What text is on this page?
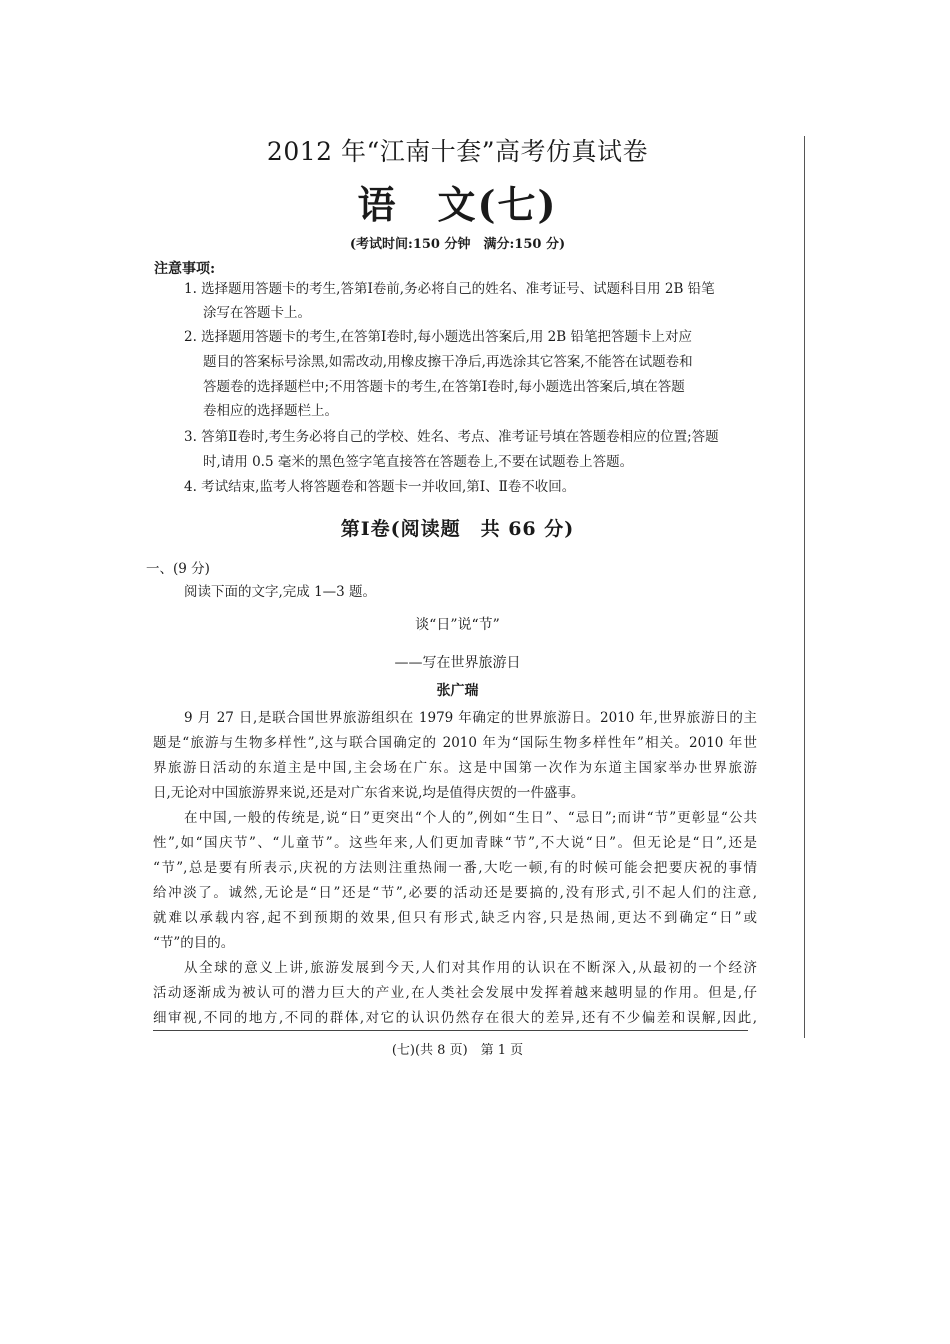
2012 年“江南十套”高考仿真试卷
语　文(七)
(考试时间:150 分钟　满分:150 分)
注意事项:
1. 选择题用答题卡的考生,答第Ⅰ卷前,务必将自己的姓名、准考证号、试题科目用 2B 铅笔
涂写在答题卡上。
2. 选择题用答题卡的考生,在答第Ⅰ卷时,每小题选出答案后,用 2B 铅笔把答题卡上对应
题目的答案标号涂黑,如需改动,用橡皮擦干净后,再选涂其它答案,不能答在试题卷和
答题卷的选择题栏中;不用答题卡的考生,在答第Ⅰ卷时,每小题选出答案后,填在答题
卷相应的选择题栏上。
3. 答第Ⅱ卷时,考生务必将自己的学校、姓名、考点、准考证号填在答题卷相应的位置;答题
时,请用 0.5 毫米的黑色签字笔直接答在答题卷上,不要在试题卷上答题。
4. 考试结束,监考人将答题卷和答题卡一并收回,第Ⅰ、Ⅱ卷不收回。
第Ⅰ卷(阅读题　共 66 分)
一、(9 分)
阅读下面的文字,完成 1—3 题。
谈“日”说“节”
——写在世界旅游日
张广瑞
9 月 27 日,是联合国世界旅游组织在 1979 年确定的世界旅游日。2010 年,世界旅游日的主
题是“旅游与生物多样性”,这与联合国确定的 2010 年为“国际生物多样性年”相关。2010 年世
界旅游日活动的东道主是中国,主会场在广东。这是中国第一次作为东道主国家举办世界旅游
日,无论对中国旅游界来说,还是对广东省来说,均是值得庆贺的一件盛事。
在中国,一般的传统是,说“日”更突出“个人的”,例如“生日”、“忌日”;而讲“节”更彰显“公共
性”,如“国庆节”、“儿童节”。这些年来,人们更加青睐“节”,不大说“日”。但无论是“日”,还是
“节”,总是要有所表示,庆祝的方法则注重热闹一番,大吃一顿,有的时候可能会把要庆祝的事情
给冲淡了。诚然,无论是“日”还是“节”,必要的活动还是要搞的,没有形式,引不起人们的注意,
就难以承载内容,起不到预期的效果,但只有形式,缺乏内容,只是热闹,更达不到确定“日”或
“节”的目的。
从全球的意义上讲,旅游发展到今天,人们对其作用的认识在不断深入,从最初的一个经济
活动逐渐成为被认可的潜力巨大的产业,在人类社会发展中发挥着越来越明显的作用。但是,仔
细审视,不同的地方,不同的群体,对它的认识仍然存在很大的差异,还有不少偏差和误解,因此,
(七)(共 8 页)　第 1 页
